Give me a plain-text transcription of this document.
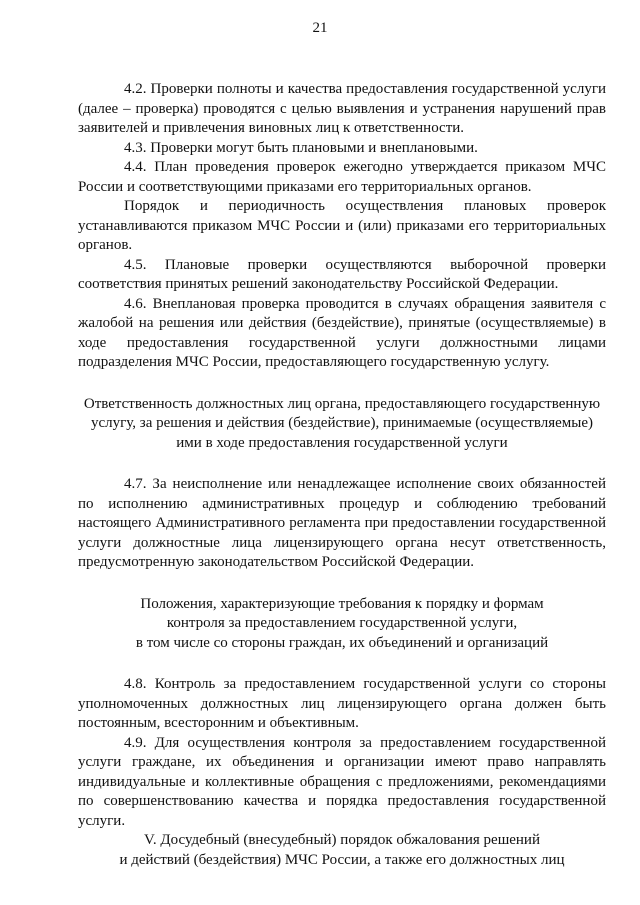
21

4.2. Проверки полноты и качества предоставления государственной услуги (далее – проверка) проводятся с целью выявления и устранения нарушений прав заявителей и привлечения виновных лиц к ответственности.

4.3. Проверки могут быть плановыми и внеплановыми.

4.4. План проведения проверок ежегодно утверждается приказом МЧС России и соответствующими приказами его территориальных органов.

Порядок и периодичность осуществления плановых проверок устанавливаются приказом МЧС России и (или) приказами его территориальных органов.

4.5. Плановые проверки осуществляются выборочной проверки соответствия принятых решений законодательству Российской Федерации.

4.6. Внеплановая проверка проводится в случаях обращения заявителя с жалобой на решения или действия (бездействие), принятые (осуществляемые) в ходе предоставления государственной услуги должностными лицами подразделения МЧС России, предоставляющего государственную услугу.

Ответственность должностных лиц органа, предоставляющего государственную
услугу, за решения и действия (бездействие), принимаемые (осуществляемые)
ими в ходе предоставления государственной услуги

4.7. За неисполнение или ненадлежащее исполнение своих обязанностей по исполнению административных процедур и соблюдению требований настоящего Административного регламента при предоставлении государственной услуги должностные лица лицензирующего органа несут ответственность, предусмотренную законодательством Российской Федерации.

Положения, характеризующие требования к порядку и формам
контроля за предоставлением государственной услуги,
в том числе со стороны граждан, их объединений и организаций

4.8. Контроль за предоставлением государственной услуги со стороны уполномоченных должностных лиц лицензирующего органа должен быть постоянным, всесторонним и объективным.

4.9. Для осуществления контроля за предоставлением государственной услуги граждане, их объединения и организации имеют право направлять индивидуальные и коллективные обращения с предложениями, рекомендациями по совершенствованию качества и порядка предоставления государственной услуги.

V. Досудебный (внесудебный) порядок обжалования решений
и действий (бездействия) МЧС России, а также его должностных лиц
